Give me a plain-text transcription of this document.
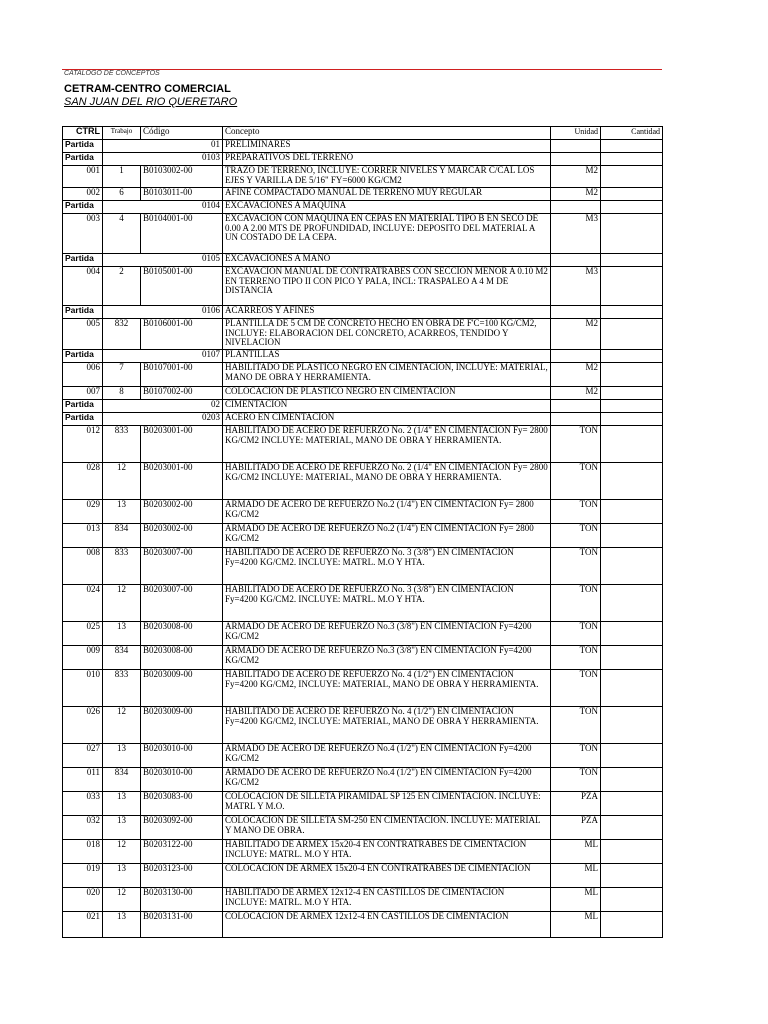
CATALOGO DE CONCEPTOS
CETRAM-CENTRO COMERCIAL
SAN JUAN DEL RIO QUERETARO
CTRL	Trabajo	Código	Concepto	Unidad	Cantidad
Partida	01		PRELIMINARES		
Partida	0103		PREPARATIVOS DEL TERRENO		
001	1	B0103002-00	TRAZO DE TERRENO, INCLUYE: CORRER NIVELES Y MARCAR C/CAL LOS EJES Y VARILLA DE 5/16" FY=6000 KG/CM2	M2	
002	6	B0103011-00	AFINE COMPACTADO MANUAL DE TERRENO MUY REGULAR	M2	
Partida	0104		EXCAVACIONES A MAQUINA		
003	4	B0104001-00	EXCAVACION CON MAQUINA EN CEPAS EN MATERIAL TIPO B EN SECO DE 0.00 A 2.00 MTS DE PROFUNDIDAD, INCLUYE: DEPOSITO DEL MATERIAL A UN COSTADO DE LA CEPA.	M3	
Partida	0105		EXCAVACIONES A MANO		
004	2	B0105001-00	EXCAVACION MANUAL DE CONTRATRABES CON SECCION MENOR A 0.10 M2 EN TERRENO TIPO II CON PICO Y PALA, INCL: TRASPALEO A 4 M DE DISTANCIA	M3	
Partida	0106		ACARREOS Y AFINES		
005	832	B0106001-00	PLANTILLA DE 5 CM DE CONCRETO HECHO EN OBRA DE F'C=100 KG/CM2, INCLUYE: ELABORACION DEL CONCRETO, ACARREOS, TENDIDO Y NIVELACION	M2	
Partida	0107		PLANTILLAS		
006	7	B0107001-00	HABILITADO DE PLASTICO NEGRO EN CIMENTACION, INCLUYE: MATERIAL, MANO DE OBRA Y HERRAMIENTA.	M2	
007	8	B0107002-00	COLOCACION DE PLASTICO NEGRO EN CIMENTACION	M2	
Partida	02		CIMENTACION		
Partida	0203		ACERO EN CIMENTACION		
012	833	B0203001-00	HABILITADO DE ACERO DE REFUERZO No. 2 (1/4" EN CIMENTACION Fy= 2800 KG/CM2 INCLUYE: MATERIAL, MANO DE OBRA Y HERRAMIENTA.	TON	
028	12	B0203001-00	HABILITADO DE ACERO DE REFUERZO No. 2 (1/4" EN CIMENTACION Fy= 2800 KG/CM2 INCLUYE: MATERIAL, MANO DE OBRA Y HERRAMIENTA.	TON	
029	13	B0203002-00	ARMADO DE ACERO DE REFUERZO No.2 (1/4") EN CIMENTACION Fy= 2800 KG/CM2	TON	
013	834	B0203002-00	ARMADO DE ACERO DE REFUERZO No.2 (1/4") EN CIMENTACION Fy= 2800 KG/CM2	TON	
008	833	B0203007-00	HABILITADO DE ACERO DE REFUERZO No. 3 (3/8") EN CIMENTACION Fy=4200 KG/CM2. INCLUYE: MATRL. M.O Y HTA.	TON	
024	12	B0203007-00	HABILITADO DE ACERO DE REFUERZO No. 3 (3/8") EN CIMENTACION Fy=4200 KG/CM2. INCLUYE: MATRL. M.O Y HTA.	TON	
025	13	B0203008-00	ARMADO DE ACERO DE REFUERZO No.3 (3/8") EN CIMENTACION Fy=4200 KG/CM2	TON	
009	834	B0203008-00	ARMADO DE ACERO DE REFUERZO No.3 (3/8") EN CIMENTACION Fy=4200 KG/CM2	TON	
010	833	B0203009-00	HABILITADO DE ACERO DE REFUERZO No. 4 (1/2") EN CIMENTACION Fy=4200 KG/CM2, INCLUYE: MATERIAL, MANO DE OBRA Y HERRAMIENTA.	TON	
026	12	B0203009-00	HABILITADO DE ACERO DE REFUERZO No. 4 (1/2") EN CIMENTACION Fy=4200 KG/CM2, INCLUYE: MATERIAL, MANO DE OBRA Y HERRAMIENTA.	TON	
027	13	B0203010-00	ARMADO DE ACERO DE REFUERZO No.4 (1/2") EN CIMENTACION Fy=4200 KG/CM2	TON	
011	834	B0203010-00	ARMADO DE ACERO DE REFUERZO No.4 (1/2") EN CIMENTACION Fy=4200 KG/CM2	TON	
033	13	B0203083-00	COLOCACION DE SILLETA PIRAMIDAL SP 125 EN CIMENTACION. INCLUYE: MATRL Y M.O.	PZA	
032	13	B0203092-00	COLOCACION DE SILLETA SM-250 EN CIMENTACION. INCLUYE: MATERIAL Y MANO DE OBRA.	PZA	
018	12	B0203122-00	HABILITADO DE ARMEX 15x20-4 EN CONTRATRABES DE CIMENTACION INCLUYE: MATRL. M.O Y HTA.	ML	
019	13	B0203123-00	COLOCACION DE ARMEX 15x20-4 EN CONTRATRABES DE CIMENTACION	ML	
020	12	B0203130-00	HABILITADO DE ARMEX 12x12-4 EN CASTILLOS DE CIMENTACION INCLUYE: MATRL. M.O Y HTA.	ML	
021	13	B0203131-00	COLOCACION DE ARMEX 12x12-4 EN CASTILLOS DE CIMENTACION	ML	
